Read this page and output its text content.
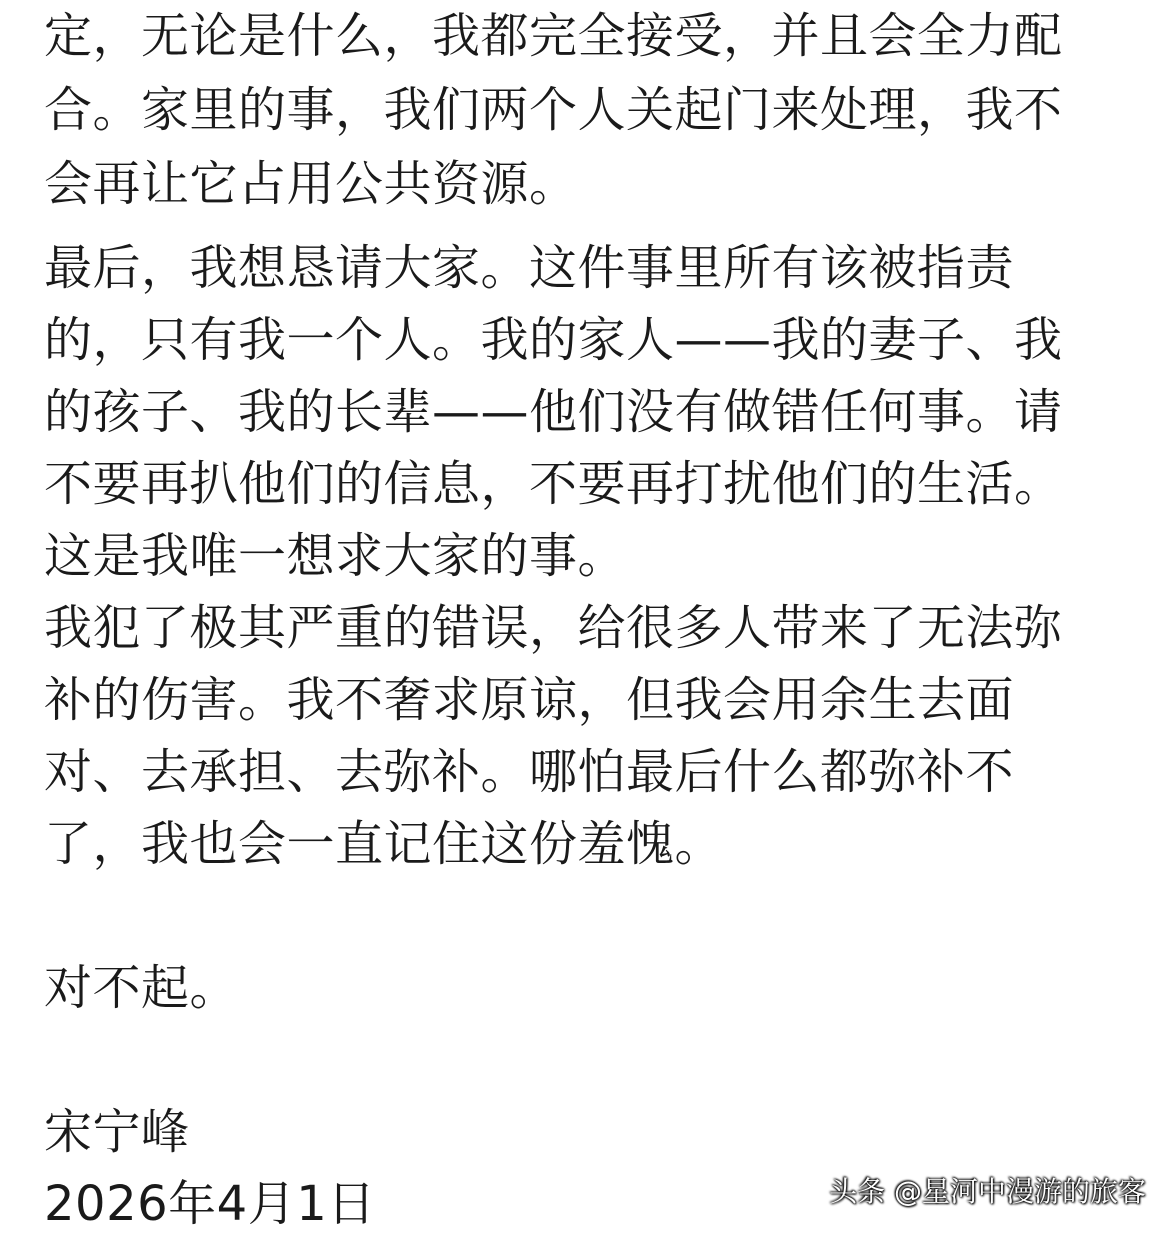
定，无论是什么，我都完全接受，并且会全力配
合。家里的事，我们两个人关起门来处理，我不
会再让它占用公共资源。
最后，我想恳请大家。这件事里所有该被指责
的，只有我一个人。我的家人——我的妻子、我
的孩子、我的长辈——他们没有做错任何事。请
不要再扒他们的信息，不要再打扰他们的生活。
这是我唯一想求大家的事。
我犯了极其严重的错误，给很多人带来了无法弥
补的伤害。我不奢求原谅，但我会用余生去面
对、去承担、去弥补。哪怕最后什么都弥补不
了，我也会一直记住这份羞愧。
对不起。
宋宁峰
2026年4月1日	头条 @星河中漫游的旅客
